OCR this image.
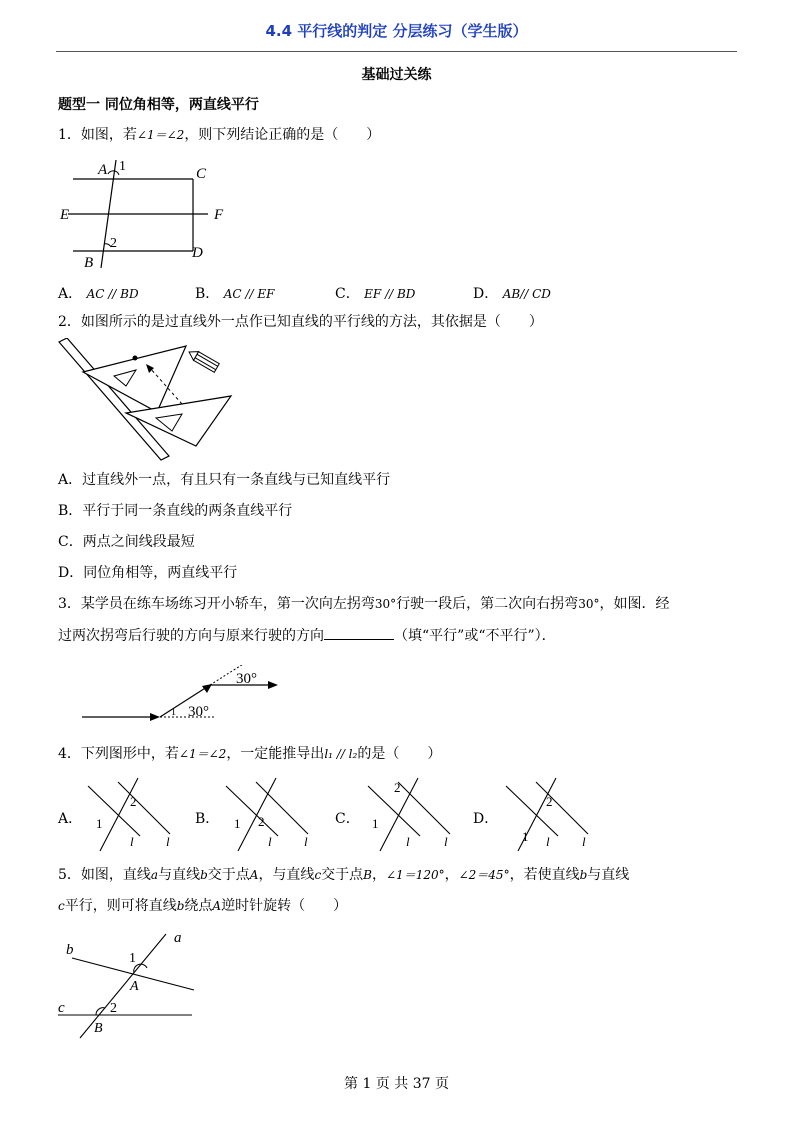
4.4 平行线的判定 分层练习（学生版）
基础过关练
题型一 同位角相等，两直线平行
1．如图，若∠1＝∠2，则下列结论正确的是（　　）
A 1	C
E	F
2
D
B
A． AC // BD	B． AC // EF	C． EF // BD	D． AB// CD
2．如图所示的是过直线外一点作已知直线的平行线的方法，其依据是（　　）
A．过直线外一点，有且只有一条直线与已知直线平行
B．平行于同一条直线的两条直线平行
C．两点之间线段最短
D．同位角相等，两直线平行
3．某学员在练车场练习开小轿车，第一次向左拐弯30°行驶一段后，第二次向右拐弯30°，如图．经
过两次拐弯后行驶的方向与原来行驶的方向	（填“平行”或“不平行”）．
1 30°
30°
4．下列图形中，若∠1＝∠2，一定能推导出l₁ // l₂的是（　　）
A．
2
1
l l
B．	2
1
l l
C．
2
1
l	l
D．
2
1 l l
5．如图，直线a与直线b交于点A，与直线c交于点B，∠1＝120°，∠2＝45°，若使直线b与直线
c平行，则可将直线b绕点A逆时针旋转（　　）
a
b
c
1
A
2
B
第 1 页 共 37 页
